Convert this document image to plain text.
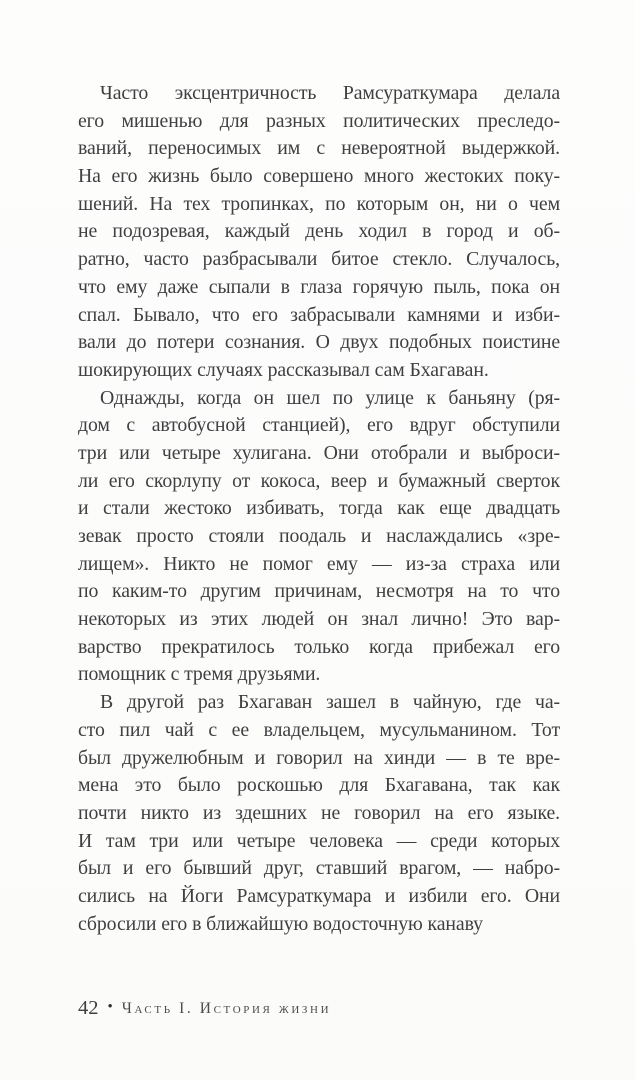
Часто эксцентричность Рамсураткумара делала
его мишенью для разных политических преследо-
ваний, переносимых им с невероятной выдержкой.
На его жизнь было совершено много жестоких поку-
шений. На тех тропинках, по которым он, ни о чем
не подозревая, каждый день ходил в город и об-
ратно, часто разбрасывали битое стекло. Случалось,
что ему даже сыпали в глаза горячую пыль, пока он
спал. Бывало, что его забрасывали камнями и изби-
вали до потери сознания. О двух подобных поистине
шокирующих случаях рассказывал сам Бхагаван.
Однажды, когда он шел по улице к баньяну (ря-
дом с автобусной станцией), его вдруг обступили
три или четыре хулигана. Они отобрали и выброси-
ли его скорлупу от кокоса, веер и бумажный сверток
и стали жестоко избивать, тогда как еще двадцать
зевак просто стояли поодаль и наслаждались «зре-
лищем». Никто не помог ему — из-за страха или
по каким-то другим причинам, несмотря на то что
некоторых из этих людей он знал лично! Это вар-
варство прекратилось только когда прибежал его
помощник с тремя друзьями.
В другой раз Бхагаван зашел в чайную, где ча-
сто пил чай с ее владельцем, мусульманином. Тот
был дружелюбным и говорил на хинди — в те вре-
мена это было роскошью для Бхагавана, так как
почти никто из здешних не говорил на его языке.
И там три или четыре человека — среди которых
был и его бывший друг, ставший врагом, — набро-
сились на Йоги Рамсураткумара и избили его. Они
сбросили его в ближайшую водосточную канаву
42 • Часть I. История жизни
